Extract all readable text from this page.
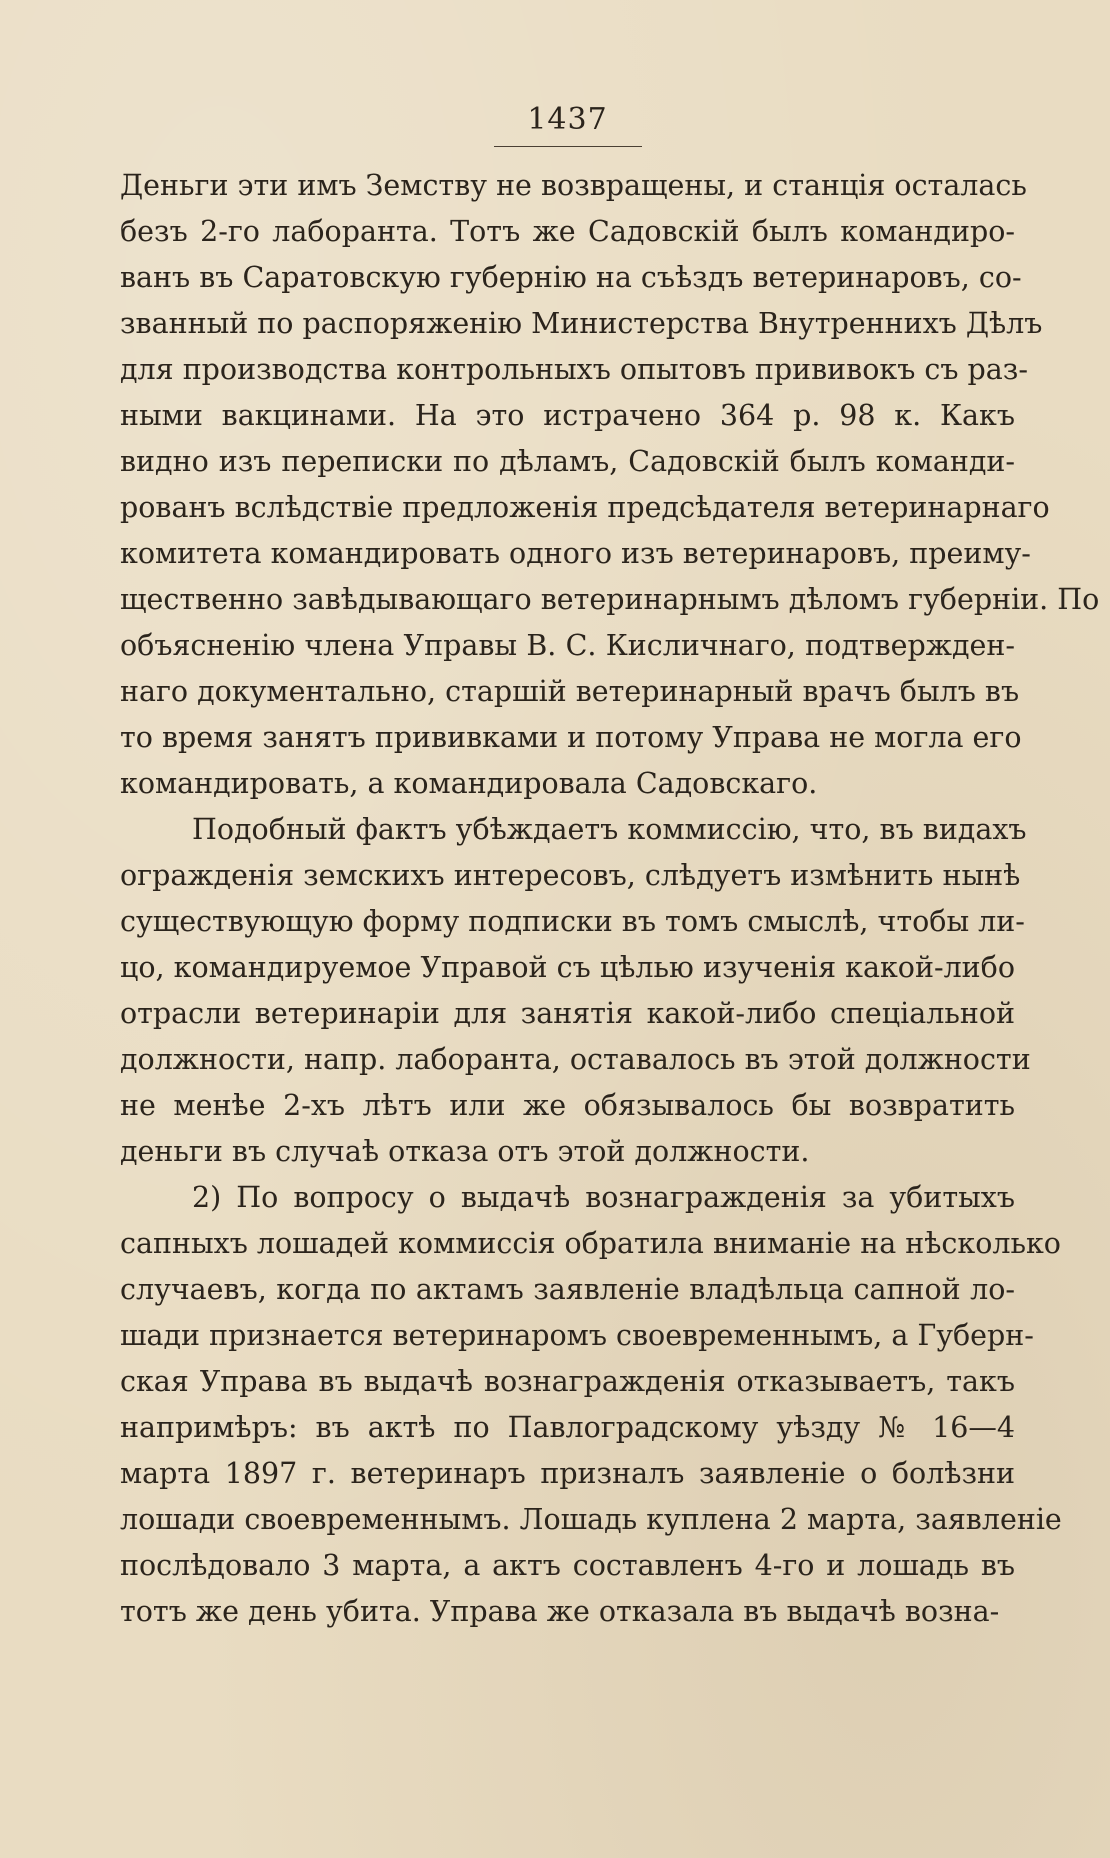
1437
Деньги эти имъ Земству не возвращены, и станція осталась
безъ 2-го лаборанта. Тотъ же Садовскій былъ командиро-
ванъ въ Саратовскую губернію на съѣздъ ветеринаровъ, со-
званный по распоряженію Министерства Внутреннихъ Дѣлъ
для производства контрольныхъ опытовъ прививокъ съ раз-
ными вакцинами. На это истрачено 364 р. 98 к. Какъ
видно изъ переписки по дѣламъ, Садовскій былъ команди-
рованъ вслѣдствіе предложенія предсѣдателя ветеринарнаго
комитета командировать одного изъ ветеринаровъ, преиму-
щественно завѣдывающаго ветеринарнымъ дѣломъ губерніи. По
объясненію члена Управы В. С. Кисличнаго, подтвержден-
наго документально, старшій ветеринарный врачъ былъ въ
то время занятъ прививками и потому Управа не могла его
командировать, а командировала Садовскаго.
Подобный фактъ убѣждаетъ коммиссію, что, въ видахъ
огражденія земскихъ интересовъ, слѣдуетъ измѣнить нынѣ
существующую форму подписки въ томъ смыслѣ, чтобы ли-
цо, командируемое Управой съ цѣлью изученія какой-либо
отрасли ветеринаріи для занятія какой-либо спеціальной
должности, напр. лаборанта, оставалось въ этой должности
не менѣе 2-хъ лѣтъ или же обязывалось бы возвратить
деньги въ случаѣ отказа отъ этой должности.
2) По вопросу о выдачѣ вознагражденія за убитыхъ
сапныхъ лошадей коммиссія обратила вниманіе на нѣсколько
случаевъ, когда по актамъ заявленіе владѣльца сапной ло-
шади признается ветеринаромъ своевременнымъ, а Губерн-
ская Управа въ выдачѣ вознагражденія отказываетъ, такъ
напримѣръ: въ актѣ по Павлоградскому уѣзду № 16—4
марта 1897 г. ветеринаръ призналъ заявленіе о болѣзни
лошади своевременнымъ. Лошадь куплена 2 марта, заявленіе
послѣдовало 3 марта, а актъ составленъ 4-го и лошадь въ
тотъ же день убита. Управа же отказала въ выдачѣ возна-
